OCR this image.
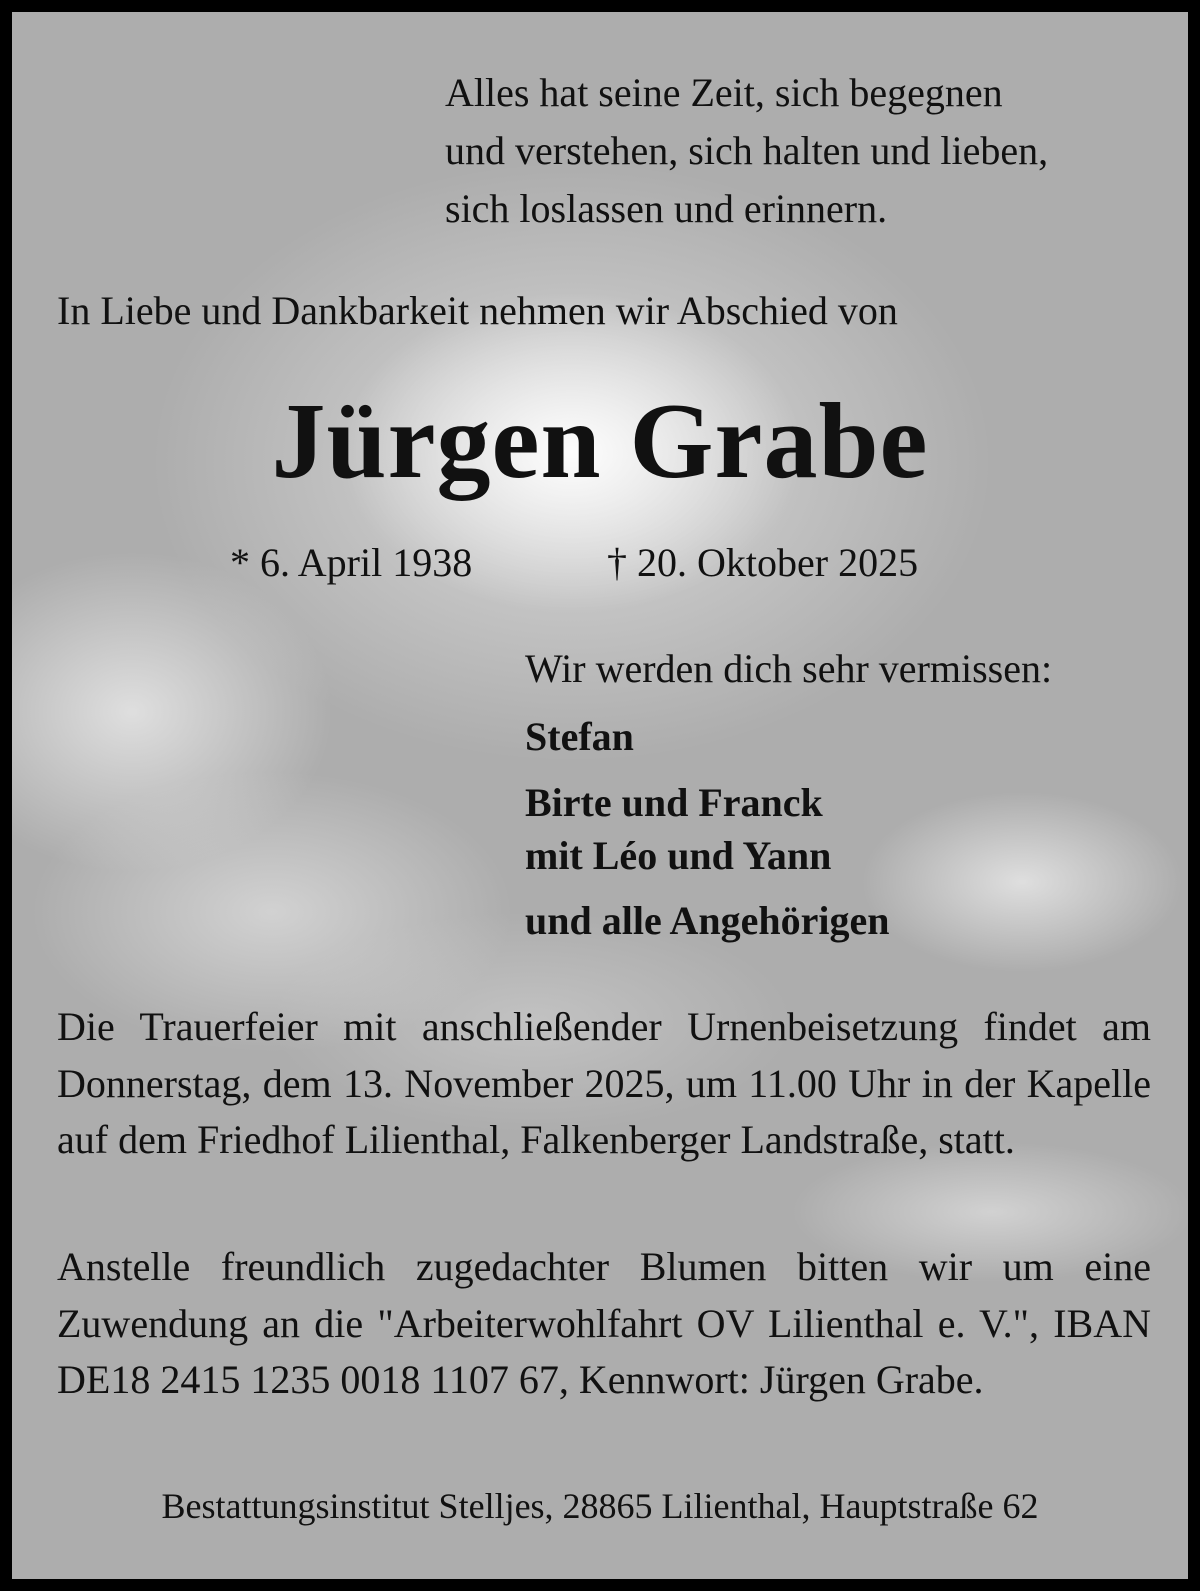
Alles hat seine Zeit, sich begegnen
und verstehen, sich halten und lieben,
sich loslassen und erinnern.
In Liebe und Dankbarkeit nehmen wir Abschied von
Jürgen Grabe
* 6. April 1938	† 20. Oktober 2025
Wir werden dich sehr vermissen:
Stefan
Birte und Franck
mit Léo und Yann
und alle Angehörigen
Die Trauerfeier mit anschließender Urnenbeisetzung findet am Donnerstag, dem 13. November 2025, um 11.00 Uhr in der Kapelle auf dem Friedhof Lilienthal, Falkenberger Landstraße, statt.
Anstelle freundlich zugedachter Blumen bitten wir um eine Zuwendung an die "Arbeiterwohlfahrt OV Lilienthal e. V.", IBAN DE18 2415 1235 0018 1107 67, Kennwort: Jürgen Grabe.
Bestattungsinstitut Stelljes, 28865 Lilienthal, Hauptstraße 62
